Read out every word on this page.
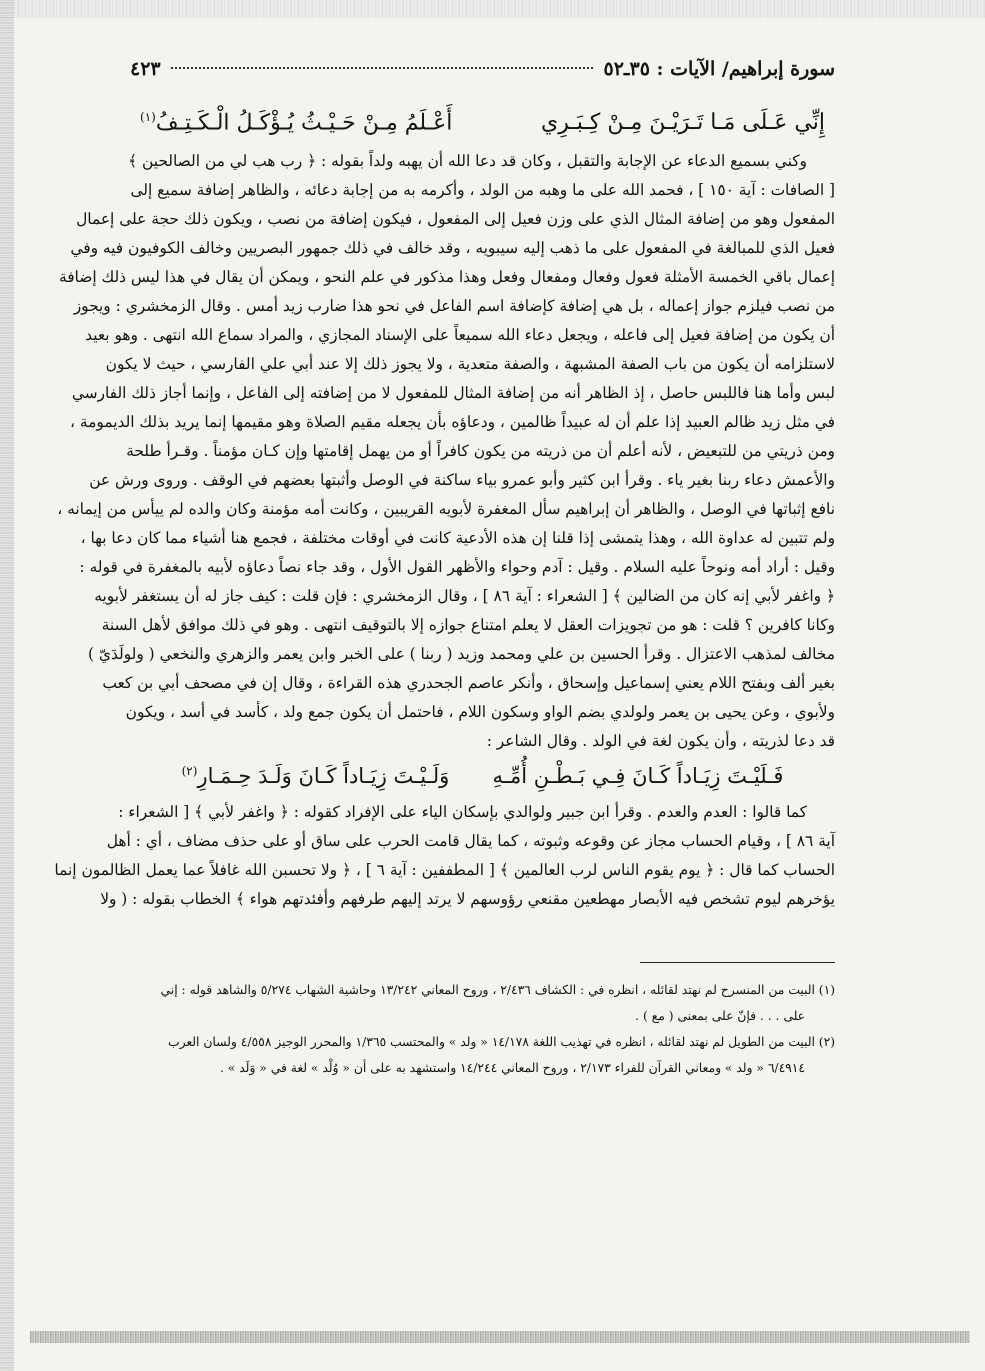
سورة إبراهيم/ الآيات : ٣٥ـ٥٢
٤٢٣
إِنِّي عَـلَى مَـا تَـرَيْـنَ مِـنْ كِـبَـرِي
أَعْـلَمُ مِـنْ حَـيْـثُ يُـؤْكَـلُ الْـكَـتِـفُ$^{(١)}$

وكني بسميع الدعاء عن الإجابة والتقبل ، وكان قد دعا الله أن يهبه ولداً بقوله : ﴿ رب هب لي من الصالحين ﴾

[ الصافات : آية ١٥٠ ] ، فحمد الله على ما وهبه من الولد ، وأكرمه به من إجابة دعائه ، والظاهر إضافة سميع إلى

المفعول وهو من إضافة المثال الذي على وزن فعيل إلى المفعول ، فيكون إضافة من نصب ، ويكون ذلك حجة على إعمال

فعيل الذي للمبالغة في المفعول على ما ذهب إليه سيبويه ، وقد خالف في ذلك جمهور البصريين وخالف الكوفيون فيه وفي

إعمال باقي الخمسة الأمثلة فعول وفعال ومفعال وفعل وهذا مذكور في علم النحو ، ويمكن أن يقال في هذا ليس ذلك إضافة

من نصب فيلزم جواز إعماله ، بل هي إضافة كإضافة اسم الفاعل في نحو هذا ضارب زيد أمس . وقال الزمخشري : ويجوز

أن يكون من إضافة فعيل إلى فاعله ، ويجعل دعاء الله سميعاً على الإسناد المجازي ، والمراد سماع الله انتهى . وهو بعيد

لاستلزامه أن يكون من باب الصفة المشبهة ، والصفة متعدية ، ولا يجوز ذلك إلا عند أبي علي الفارسي ، حيث لا يكون

لبس وأما هنا فاللبس حاصل ، إذ الظاهر أنه من إضافة المثال للمفعول لا من إضافته إلى الفاعل ، وإنما أجاز ذلك الفارسي

في مثل زيد ظالم العبيد إذا علم أن له عبيداً ظالمين ، ودعاؤه بأن يجعله مقيم الصلاة وهو مقيمها إنما يريد بذلك الديمومة ،

ومن ذريتي من للتبعيض ، لأنه أعلم أن من ذريته من يكون كافراً أو من يهمل إقامتها وإن كـان مؤمناً . وقـرأ طلحة

والأعمش دعاء ربنا بغير ياء . وقرأ ابن كثير وأبو عمرو بياء ساكنة في الوصل وأثبتها بعضهم في الوقف . وروى ورش عن

نافع إثباتها في الوصل ، والظاهر أن إبراهيم سأل المغفرة لأبويه القريبين ، وكانت أمه مؤمنة وكان والده لم ييأس من إيمانه ،

ولم تتبين له عداوة الله ، وهذا يتمشى إذا قلنا إن هذه الأدعية كانت في أوقات مختلفة ، فجمع هنا أشياء مما كان دعا بها ،

وقيل : أراد أمه ونوحاً عليه السلام . وقيل : آدم وحواء والأظهر القول الأول ، وقد جاء نصاً دعاؤه لأبيه بالمغفرة في قوله :

﴿ واغفر لأبي إنه كان من الضالين ﴾ [ الشعراء : آية ٨٦ ] ، وقال الزمخشري : فإن قلت : كيف جاز له أن يستغفر لأبويه

وكانا كافرين ؟ قلت : هو من تجويزات العقل لا يعلم امتناع جوازه إلا بالتوقيف انتهى . وهو في ذلك موافق لأهل السنة

مخالف لمذهب الاعتزال . وقرأ الحسين بن علي ومحمد وزيد ( ربنا ) على الخبر وابن يعمر والزهري والنخعي ( ولولَدَيّ )

بغير ألف وبفتح اللام يعني إسماعيل وإسحاق ، وأنكر عاصم الجحدري هذه القراءة ، وقال إن في مصحف أبي بن كعب

ولأبوي ، وعن يحيى بن يعمر ولولدي بضم الواو وسكون اللام ، فاحتمل أن يكون جمع ولد ، كأسد في أسد ، ويكون

قد دعا لذريته ، وأن يكون لغة في الولد . وقال الشاعر :

فَـلَيْـتَ زِيَـاداً كَـانَ فِـي بَـطْـنِ أُمِّـهِ
وَلَـيْـتَ زِيَـاداً كَـانَ وَلَـدَ حِـمَـارِ$^{(٢)}$

كما قالوا : العدم والعدم . وقرأ ابن جبير ولوالدي بإسكان الياء على الإفراد كقوله : ﴿ واغفر لأبي ﴾ [ الشعراء :

آية ٨٦ ] ، وقيام الحساب مجاز عن وقوعه وثبوته ، كما يقال قامت الحرب على ساق أو على حذف مضاف ، أي : أهل

الحساب كما قال : ﴿ يوم يقوم الناس لرب العالمين ﴾ [ المطففين : آية ٦ ] ، ﴿ ولا تحسبن الله غافلاً عما يعمل الظالمون إنما

يؤخرهم ليوم تشخص فيه الأبصار مهطعين مقنعي رؤوسهم لا يرتد إليهم طرفهم وأفئدتهم هواء ﴾ الخطاب بقوله : ( ولا

(١) البيت من المنسرح لم نهتد لقائله ، انظره في : الكشاف ٢/٤٣٦ ، وروح المعاني ١٣/٢٤٢ وحاشية الشهاب ٥/٢٧٤ والشاهد قوله : إني

على . . . فإنّ على بمعنى ( مع ) .

(٢) البيت من الطويل لم نهتد لقائله ، انظره في تهذيب اللغة ١٤/١٧٨ « ولد » والمحتسب ١/٣٦٥ والمحرر الوجيز ٤/٥٥٨ ولسان العرب

٦/٤٩١٤ « ولد » ومعاني القرآن للفراء ٢/١٧٣ ، وروح المعاني ١٤/٢٤٤ واستشهد به على أن « وُلْد » لغة في « وَلَد » .
